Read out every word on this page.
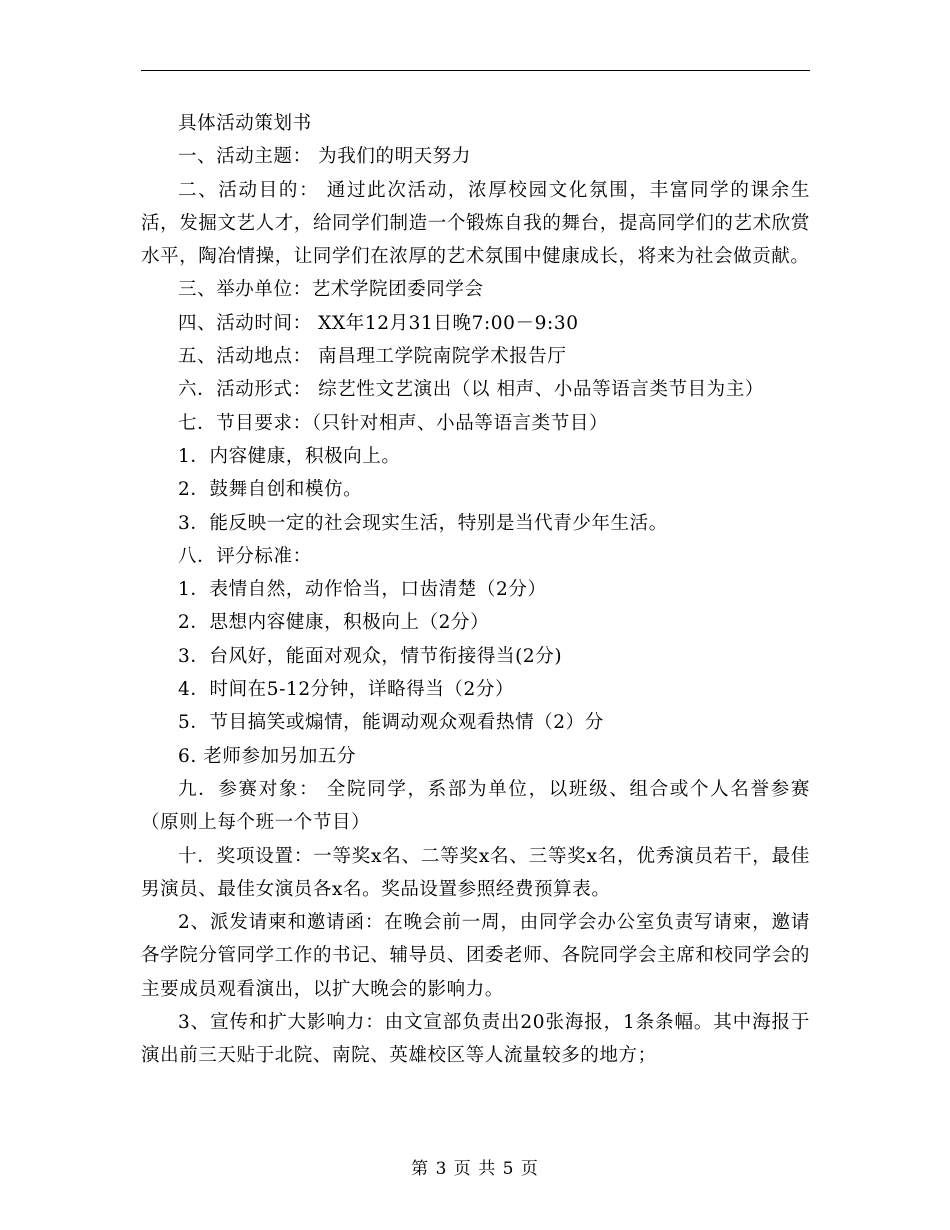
具体活动策划书

一、活动主题： 为我们的明天努力

二、活动目的： 通过此次活动，浓厚校园文化氛围，丰富同学的课余生活，发掘文艺人才，给同学们制造一个锻炼自我的舞台，提高同学们的艺术欣赏水平，陶冶情操，让同学们在浓厚的艺术氛围中健康成长，将来为社会做贡献。

三、举办单位：艺术学院团委同学会

四、活动时间： XX年12月31日晚7:00－9:30

五、活动地点： 南昌理工学院南院学术报告厅

六．活动形式： 综艺性文艺演出（以 相声、小品等语言类节目为主）

七．节目要求：（只针对相声、小品等语言类节目）

1．内容健康，积极向上。

2．鼓舞自创和模仿。

3．能反映一定的社会现实生活，特别是当代青少年生活。

八．评分标准：

1．表情自然，动作恰当，口齿清楚（2分）

2．思想内容健康，积极向上（2分）

3．台风好，能面对观众，情节衔接得当(2分)

4．时间在5-12分钟，详略得当（2分）

5．节目搞笑或煽情，能调动观众观看热情（2）分

6. 老师参加另加五分

九．参赛对象： 全院同学，系部为单位，以班级、组合或个人名誉参赛（原则上每个班一个节目）

十．奖项设置：一等奖x名、二等奖x名、三等奖x名，优秀演员若干，最佳男演员、最佳女演员各x名。奖品设置参照经费预算表。

2、派发请柬和邀请函：在晚会前一周，由同学会办公室负责写请柬，邀请各学院分管同学工作的书记、辅导员、团委老师、各院同学会主席和校同学会的主要成员观看演出，以扩大晚会的影响力。

3、宣传和扩大影响力：由文宣部负责出20张海报，1条条幅。其中海报于演出前三天贴于北院、南院、英雄校区等人流量较多的地方；

第 3 页 共 5 页
